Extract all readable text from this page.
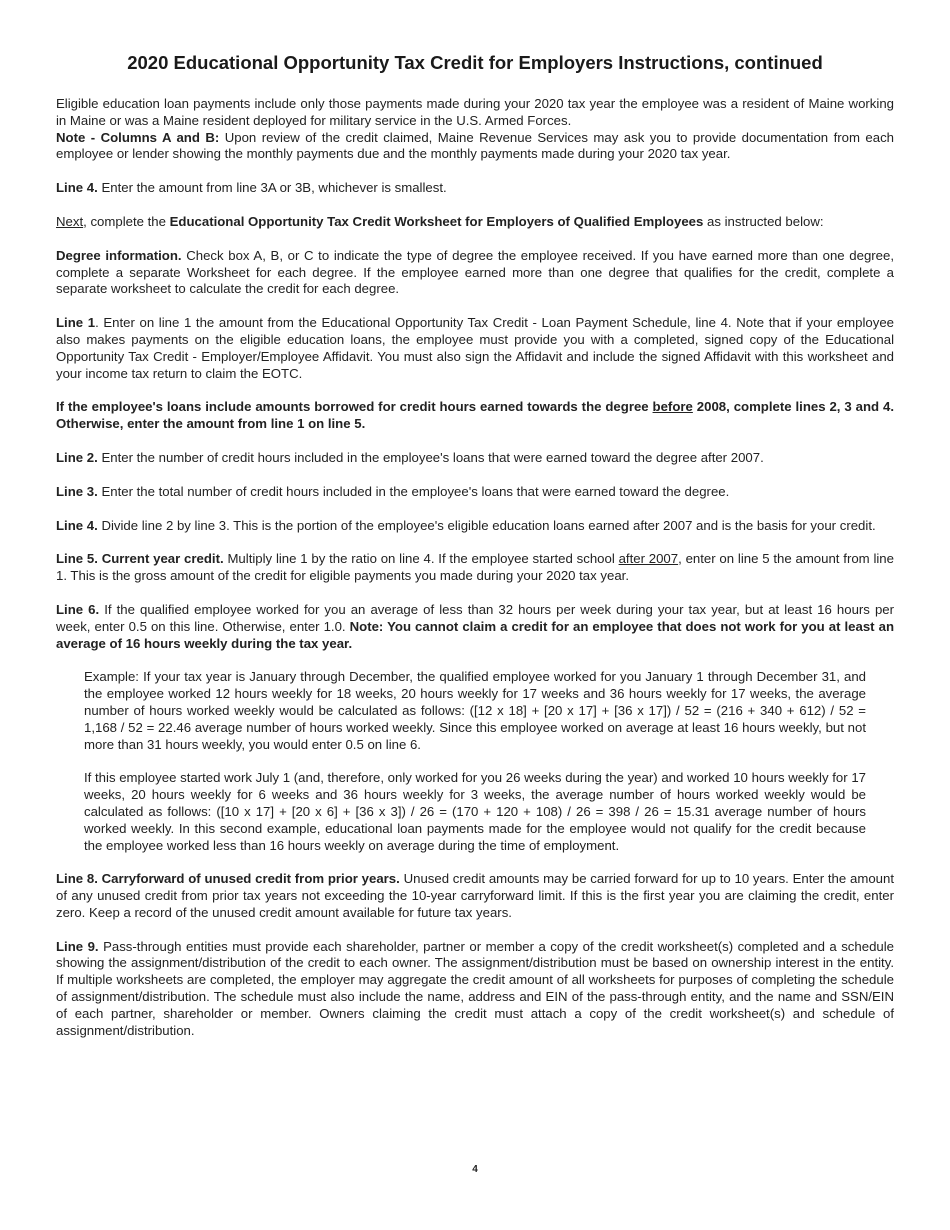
2020 Educational Opportunity Tax Credit for Employers Instructions, continued

Eligible education loan payments include only those payments made during your 2020 tax year the employee was a resident of Maine working in Maine or was a Maine resident deployed for military service in the U.S. Armed Forces.

Note - Columns A and B: Upon review of the credit claimed, Maine Revenue Services may ask you to provide documentation from each employee or lender showing the monthly payments due and the monthly payments made during your 2020 tax year.

Line 4. Enter the amount from line 3A or 3B, whichever is smallest.

Next, complete the Educational Opportunity Tax Credit Worksheet for Employers of Qualified Employees as instructed below:

Degree information. Check box A, B, or C to indicate the type of degree the employee received. If you have earned more than one degree, complete a separate Worksheet for each degree. If the employee earned more than one degree that qualifies for the credit, complete a separate worksheet to calculate the credit for each degree.

Line 1. Enter on line 1 the amount from the Educational Opportunity Tax Credit - Loan Payment Schedule, line 4. Note that if your employee also makes payments on the eligible education loans, the employee must provide you with a completed, signed copy of the Educational Opportunity Tax Credit - Employer/Employee Affidavit. You must also sign the Affidavit and include the signed Affidavit with this worksheet and your income tax return to claim the EOTC.

If the employee's loans include amounts borrowed for credit hours earned towards the degree before 2008, complete lines 2, 3 and 4. Otherwise, enter the amount from line 1 on line 5.

Line 2. Enter the number of credit hours included in the employee's loans that were earned toward the degree after 2007.

Line 3. Enter the total number of credit hours included in the employee's loans that were earned toward the degree.

Line 4. Divide line 2 by line 3. This is the portion of the employee's eligible education loans earned after 2007 and is the basis for your credit.

Line 5. Current year credit. Multiply line 1 by the ratio on line 4. If the employee started school after 2007, enter on line 5 the amount from line 1. This is the gross amount of the credit for eligible payments you made during your 2020 tax year.

Line 6. If the qualified employee worked for you an average of less than 32 hours per week during your tax year, but at least 16 hours per week, enter 0.5 on this line. Otherwise, enter 1.0. Note: You cannot claim a credit for an employee that does not work for you at least an average of 16 hours weekly during the tax year.

Example: If your tax year is January through December, the qualified employee worked for you January 1 through December 31, and the employee worked 12 hours weekly for 18 weeks, 20 hours weekly for 17 weeks and 36 hours weekly for 17 weeks, the average number of hours worked weekly would be calculated as follows: ([12 x 18] + [20 x 17] + [36 x 17]) / 52 = (216 + 340 + 612) / 52 = 1,168 / 52 = 22.46 average number of hours worked weekly. Since this employee worked on average at least 16 hours weekly, but not more than 31 hours weekly, you would enter 0.5 on line 6.

If this employee started work July 1 (and, therefore, only worked for you 26 weeks during the year) and worked 10 hours weekly for 17 weeks, 20 hours weekly for 6 weeks and 36 hours weekly for 3 weeks, the average number of hours worked weekly would be calculated as follows: ([10 x 17] + [20 x 6] + [36 x 3]) / 26 = (170 + 120 + 108) / 26 = 398 / 26 = 15.31 average number of hours worked weekly. In this second example, educational loan payments made for the employee would not qualify for the credit because the employee worked less than 16 hours weekly on average during the time of employment.

Line 8. Carryforward of unused credit from prior years. Unused credit amounts may be carried forward for up to 10 years. Enter the amount of any unused credit from prior tax years not exceeding the 10-year carryforward limit. If this is the first year you are claiming the credit, enter zero. Keep a record of the unused credit amount available for future tax years.

Line 9. Pass-through entities must provide each shareholder, partner or member a copy of the credit worksheet(s) completed and a schedule showing the assignment/distribution of the credit to each owner. The assignment/distribution must be based on ownership interest in the entity. If multiple worksheets are completed, the employer may aggregate the credit amount of all worksheets for purposes of completing the schedule of assignment/distribution. The schedule must also include the name, address and EIN of the pass-through entity, and the name and SSN/EIN of each partner, shareholder or member. Owners claiming the credit must attach a copy of the credit worksheet(s) and schedule of assignment/distribution.

4
